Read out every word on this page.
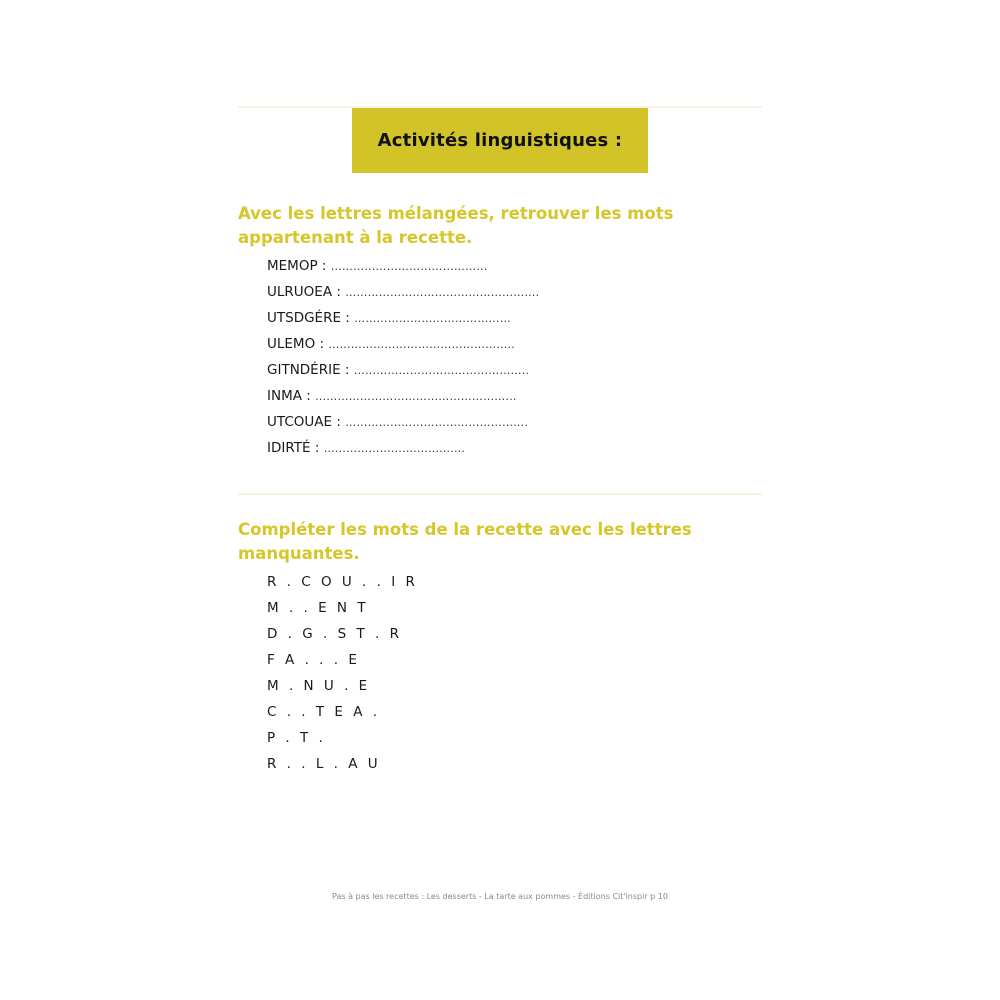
Activités linguistiques :
Avec les lettres mélangées, retrouver les mots appartenant à la recette.
MEMOP : ……………………………………
ULRUOEA : …………………………………………….
UTSDGÉRE : ……………………………………
ULEMO : …………………………………………..
GITNDÉRIE : ………………………………………..
INMA : ……………………………………………...
UTCOUAE : ………………………………………….
IDIRTÉ : ……………………..............
Compléter les mots de la recette avec les lettres manquantes.
R . C O U . . I R
M . . E N T
D . G . S T . R
F A . . . E
M . N U . E
C . . T E A .
P . T .
R . . L . A U
Pas à pas les recettes : Les desserts - La tarte aux pommes - Éditions Cit'inspir p 10
